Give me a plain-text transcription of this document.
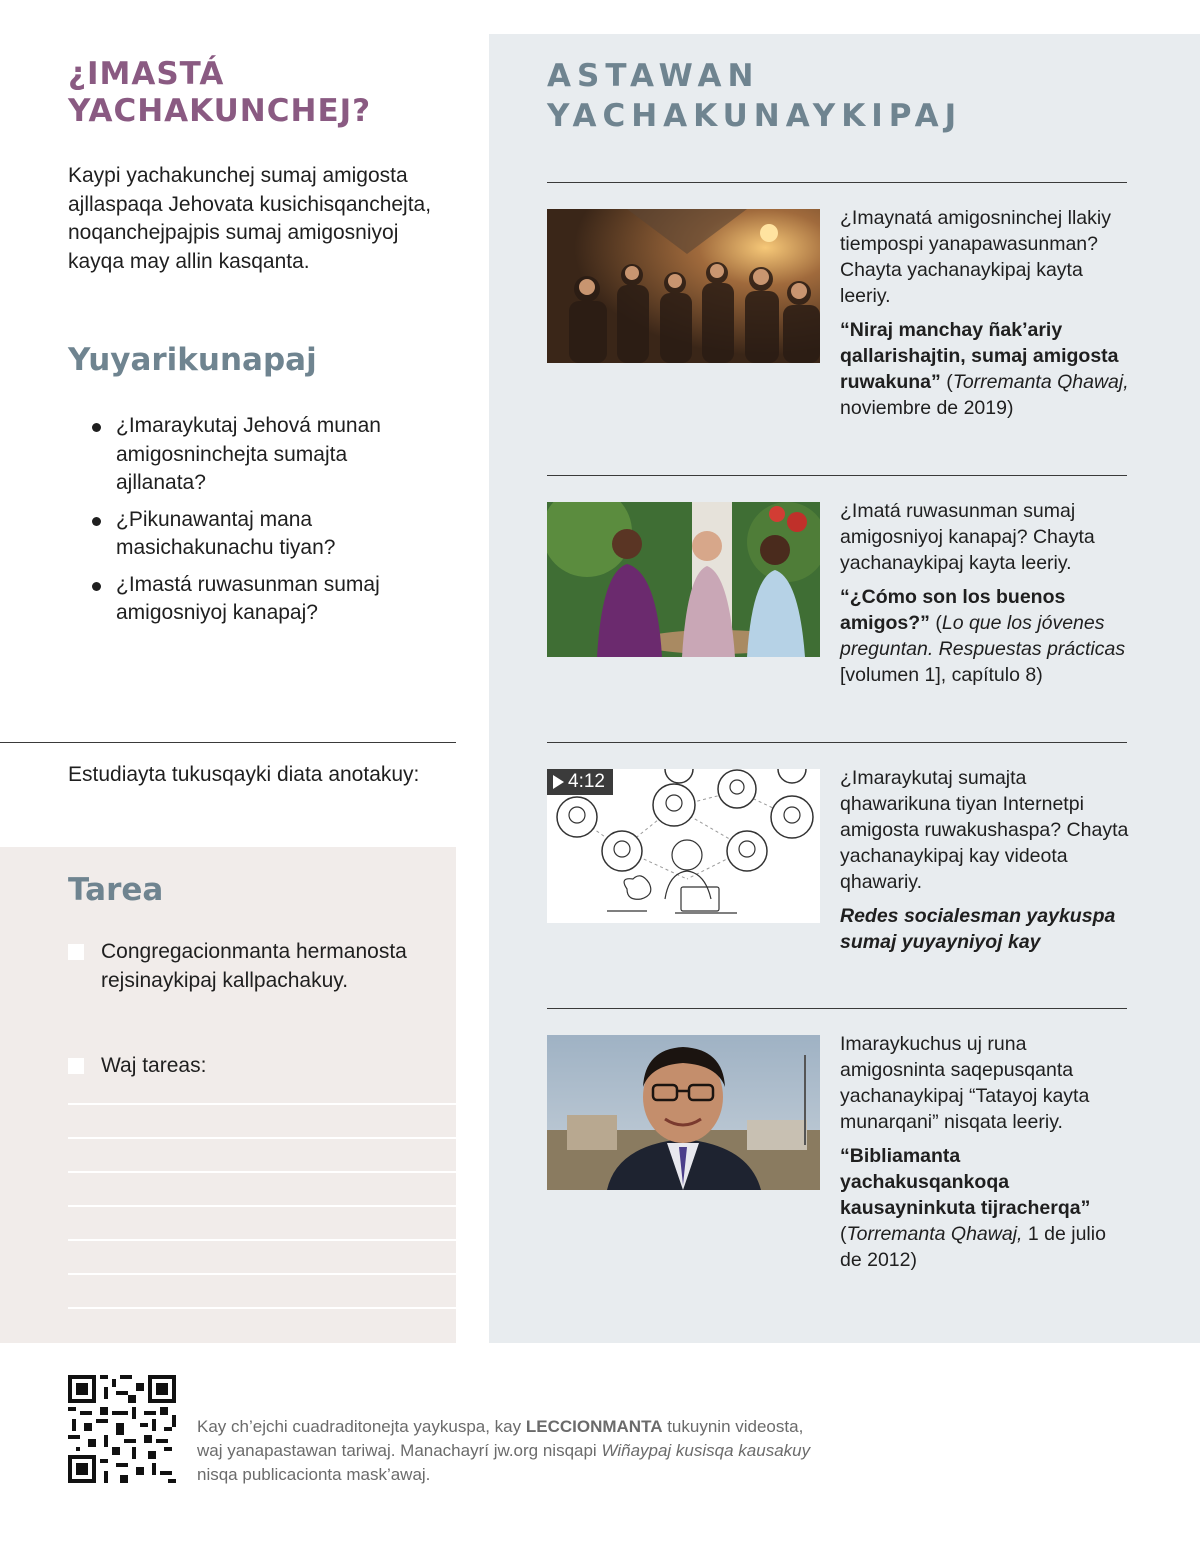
¿IMASTÁ YACHAKUNCHEJ?

Kaypi yachakunchej sumaj amigosta ajllaspaqa Jehovata kusichisqanchejta, noqanchejpajpis sumaj amigosniyoj kayqa may allin kasqanta.

Yuyarikunapaj
¿Imaraykutaj Jehová munan amigosninchejta sumajta ajllanata?
¿Pikunawantaj mana masichakunachu tiyan?
¿Imastá ruwasunman sumaj amigosniyoj kanapaj?
Estudiayta tukusqayki diata anotakuy:
Tarea
Congregacionmanta hermanosta rejsinaykipaj kallpachakuy.
Waj tareas:
ASTAWAN YACHAKUNAYKIPAJ
¿Imaynatá amigosninchej llakiy tiempospi yanapawasunman? Chayta yachanaykipaj kayta leeriy.
“Niraj manchay ñak’ariy qallarishajtin, sumaj amigosta ruwakuna” (Torremanta Qhawaj, noviembre de 2019)
¿Imatá ruwasunman sumaj amigosniyoj kanapaj? Chayta yachanaykipaj kayta leeriy.
“¿Cómo son los buenos amigos?” (Lo que los jóvenes preguntan. Respuestas prácticas [volumen 1], capítulo 8)
4:12	¿Imaraykutaj sumajta qhawarikuna tiyan Internetpi amigosta ruwakushaspa? Chayta yachanaykipaj kay videota qhawariy.
Redes socialesman yaykuspa sumaj yuyayniyoj kay
Imaraykuchus uj runa amigosninta saqepusqanta yachanaykipaj “Tatayoj kayta munarqani” nisqata leeriy.
“Bibliamanta yachakusqankoqa kausayninkuta tijracherqa” (Torremanta Qhawaj, 1 de julio de 2012)

Kay ch’ejchi cuadraditonejta yaykuspa, kay LECCIONMANTA tukuynin videosta, waj yanapastawan tariwaj. Manachayrí jw.org nisqapi Wiñaypaj kusisqa kausakuy nisqa publicacionta mask’awaj.
